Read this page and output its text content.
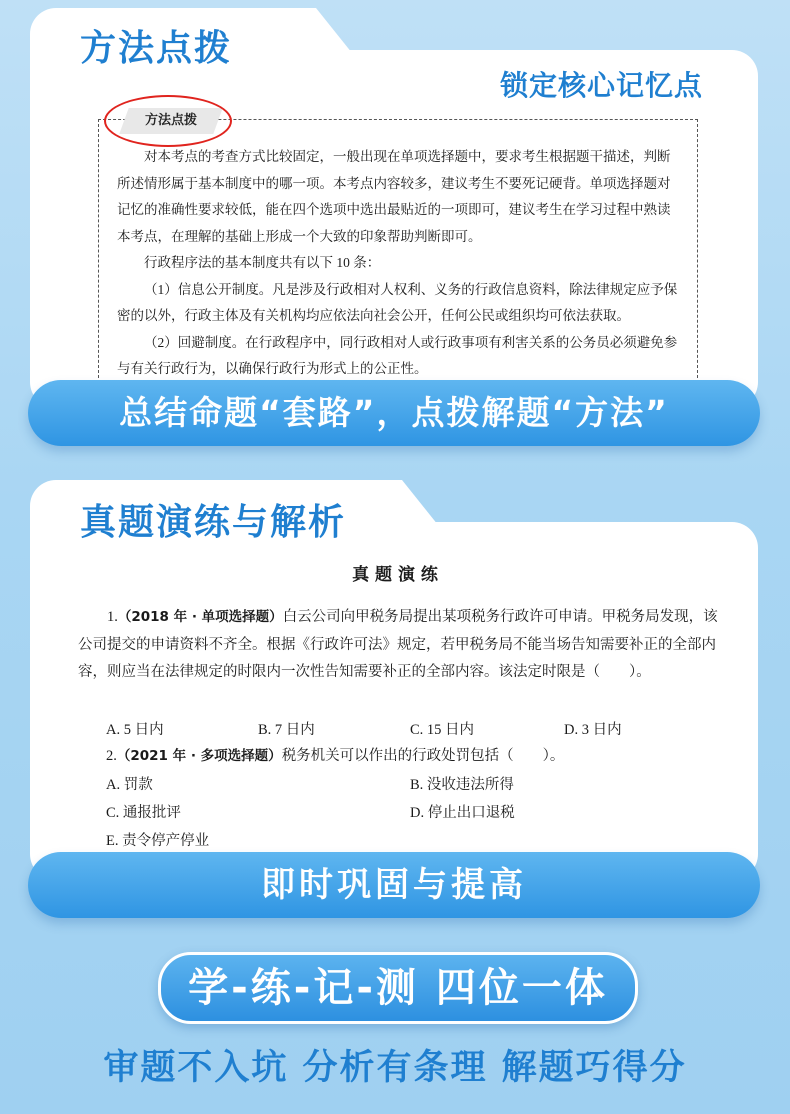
方法点拨
锁定核心记忆点

对本考点的考查方式比较固定，一般出现在单项选择题中，要求考生根据题干描述，判断所述情形属于基本制度中的哪一项。本考点内容较多，建议考生不要死记硬背。单项选择题对记忆的准确性要求较低，能在四个选项中选出最贴近的一项即可，建议考生在学习过程中熟读本考点，在理解的基础上形成一个大致的印象帮助判断即可。

行政程序法的基本制度共有以下 10 条：

（1）信息公开制度。凡是涉及行政相对人权利、义务的行政信息资料，除法律规定应予保密的以外，行政主体及有关机构均应依法向社会公开，任何公民或组织均可依法获取。

（2）回避制度。在行政程序中，同行政相对人或行政事项有利害关系的公务员必须避免参与有关行政行为，以确保行政行为形式上的公正性。

方法点拨
总结命题“套路”，点拨解题“方法”
真题演练与解析
真 题 演 练

1.（2018 年 · 单项选择题）白云公司向甲税务局提出某项税务行政许可申请。甲税务局发现，该公司提交的申请资料不齐全。根据《行政许可法》规定，若甲税务局不能当场告知需要补正的全部内容，则应当在法律规定的时限内一次性告知需要补正的全部内容。该法定时限是（　　）。

A. 5 日内	B. 7 日内	C. 15 日内	D. 3 日内
2.（2021 年 · 多项选择题）税务机关可以作出的行政处罚包括（　　）。
A. 罚款	B. 没收违法所得
C. 通报批评	D. 停止出口退税
E. 责令停产停业
即时巩固与提高
学-练-记-测 四位一体
审题不入坑 分析有条理 解题巧得分
